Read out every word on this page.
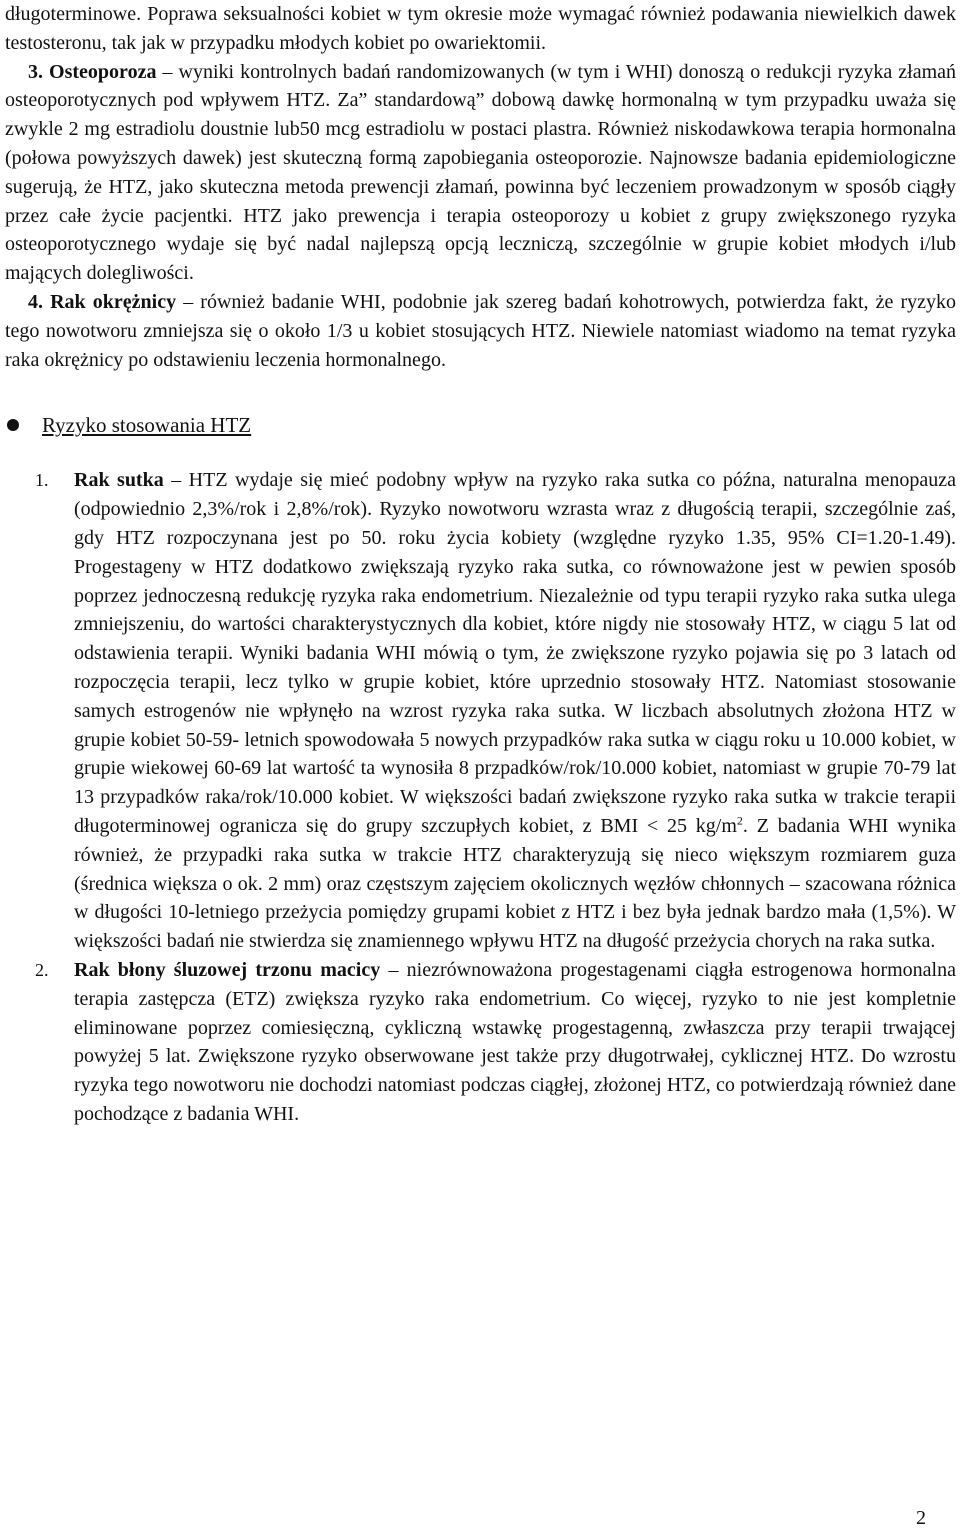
długoterminowe. Poprawa seksualności kobiet w tym okresie może wymagać również podawania niewielkich dawek testosteronu, tak jak w przypadku młodych kobiet po owariektomii.

3. Osteoporoza – wyniki kontrolnych badań randomizowanych (w tym i WHI) donoszą o redukcji ryzyka złamań osteoporotycznych pod wpływem HTZ. Za” standardową” dobową dawkę hormonalną w tym przypadku uważa się zwykle 2 mg estradiolu doustnie lub50 mcg estradiolu w postaci plastra. Również niskodawkowa terapia hormonalna (połowa powyższych dawek) jest skuteczną formą zapobiegania osteoporozie. Najnowsze badania epidemiologiczne sugerują, że HTZ, jako skuteczna metoda prewencji złamań, powinna być leczeniem prowadzonym w sposób ciągły przez całe życie pacjentki. HTZ jako prewencja i terapia osteoporozy u kobiet z grupy zwiększonego ryzyka osteoporotycznego wydaje się być nadal najlepszą opcją leczniczą, szczególnie w grupie kobiet młodych i/lub mających dolegliwości.

4. Rak okrężnicy – również badanie WHI, podobnie jak szereg badań kohotrowych, potwierdza fakt, że ryzyko tego nowotworu zmniejsza się o około 1/3 u kobiet stosujących HTZ. Niewiele natomiast wiadomo na temat ryzyka raka okrężnicy po odstawieniu leczenia hormonalnego.

Ryzyko stosowania HTZ
1.	Rak sutka – HTZ wydaje się mieć podobny wpływ na ryzyko raka sutka co późna, naturalna menopauza (odpowiednio 2,3%/rok i 2,8%/rok). Ryzyko nowotworu wzrasta wraz z długością terapii, szczególnie zaś, gdy HTZ rozpoczynana jest po 50. roku życia kobiety (względne ryzyko 1.35, 95% CI=1.20-1.49). Progestageny w HTZ dodatkowo zwiększają ryzyko raka sutka, co równoważone jest w pewien sposób poprzez jednoczesną redukcję ryzyka raka endometrium. Niezależnie od typu terapii ryzyko raka sutka ulega zmniejszeniu, do wartości charakterystycznych dla kobiet, które nigdy nie stosowały HTZ, w ciągu 5 lat od odstawienia terapii. Wyniki badania WHI mówią o tym, że zwiększone ryzyko pojawia się po 3 latach od rozpoczęcia terapii, lecz tylko w grupie kobiet, które uprzednio stosowały HTZ. Natomiast stosowanie samych estrogenów nie wpłynęło na wzrost ryzyka raka sutka. W liczbach absolutnych złożona HTZ w grupie kobiet 50-59- letnich spowodowała 5 nowych przypadków raka sutka w ciągu roku u 10.000 kobiet, w grupie wiekowej 60-69 lat wartość ta wynosiła 8 przpadków/rok/10.000 kobiet, natomiast w grupie 70-79 lat 13 przypadków raka/rok/10.000 kobiet. W większości badań zwiększone ryzyko raka sutka w trakcie terapii długoterminowej ogranicza się do grupy szczupłych kobiet, z BMI < 25 $kg/m^2$. Z badania WHI wynika również, że przypadki raka sutka w trakcie HTZ charakteryzują się nieco większym rozmiarem guza (średnica większa o ok. 2 mm) oraz częstszym zajęciem okolicznych węzłów chłonnych – szacowana różnica w długości 10-letniego przeżycia pomiędzy grupami kobiet z HTZ i bez była jednak bardzo mała (1,5%). W większości badań nie stwierdza się znamiennego wpływu HTZ na długość przeżycia chorych na raka sutka.

2.	Rak błony śluzowej trzonu macicy – niezrównoważona progestagenami ciągła estrogenowa hormonalna terapia zastępcza (ETZ) zwiększa ryzyko raka endometrium. Co więcej, ryzyko to nie jest kompletnie eliminowane poprzez comiesięczną, cykliczną wstawkę progestagenną, zwłaszcza przy terapii trwającej powyżej 5 lat. Zwiększone ryzyko obserwowane jest także przy długotrwałej, cyklicznej HTZ. Do wzrostu ryzyka tego nowotworu nie dochodzi natomiast podczas ciągłej, złożonej HTZ, co potwierdzają również dane pochodzące z badania WHI.

2
